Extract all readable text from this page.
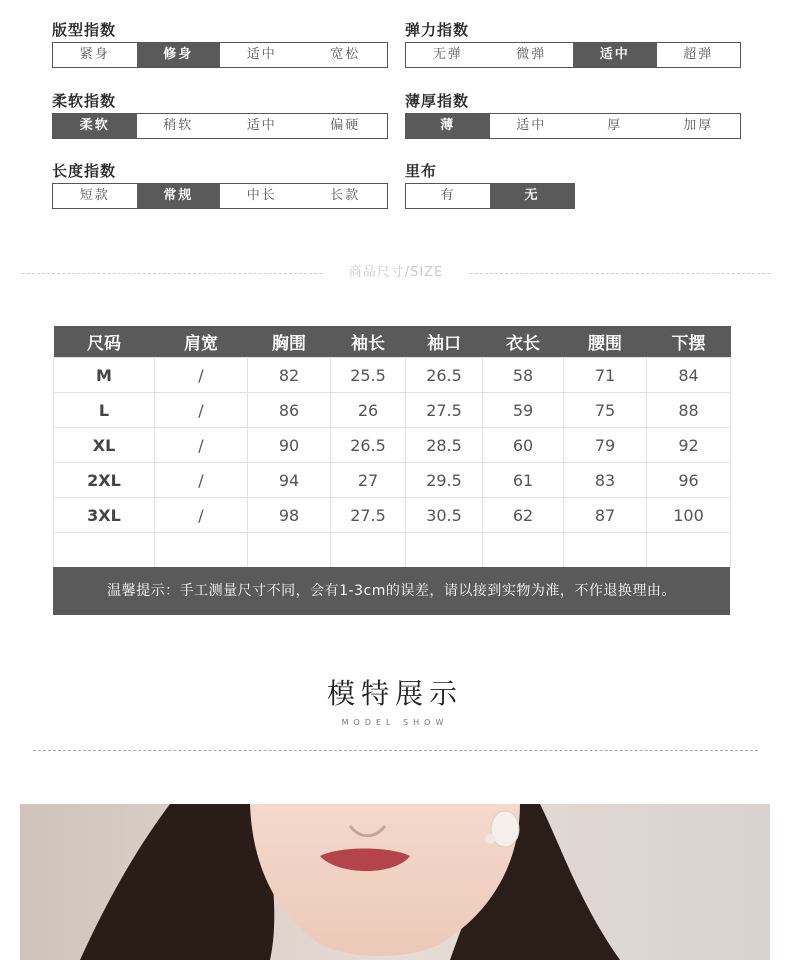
版型指数
紧身	修身	适中	宽松
弹力指数
无弹	微弹	适中	超弹
柔软指数
柔软	稍软	适中	偏硬
薄厚指数
薄	适中	厚	加厚
长度指数
短款	常规	中长	长款
里布
有	无
商品尺寸/SIZE
尺码	肩宽	胸围	袖长	袖口	衣长	腰围	下摆
M	/	82	25.5	26.5	58	71	84
L	/	86	26	27.5	59	75	88
XL	/	90	26.5	28.5	60	79	92
2XL	/	94	27	29.5	61	83	96
3XL	/	98	27.5	30.5	62	87	100

温馨提示：手工测量尺寸不同，会有1-3cm的误差，请以接到实物为准，不作退换理由。
模特展示
MODEL SHOW
